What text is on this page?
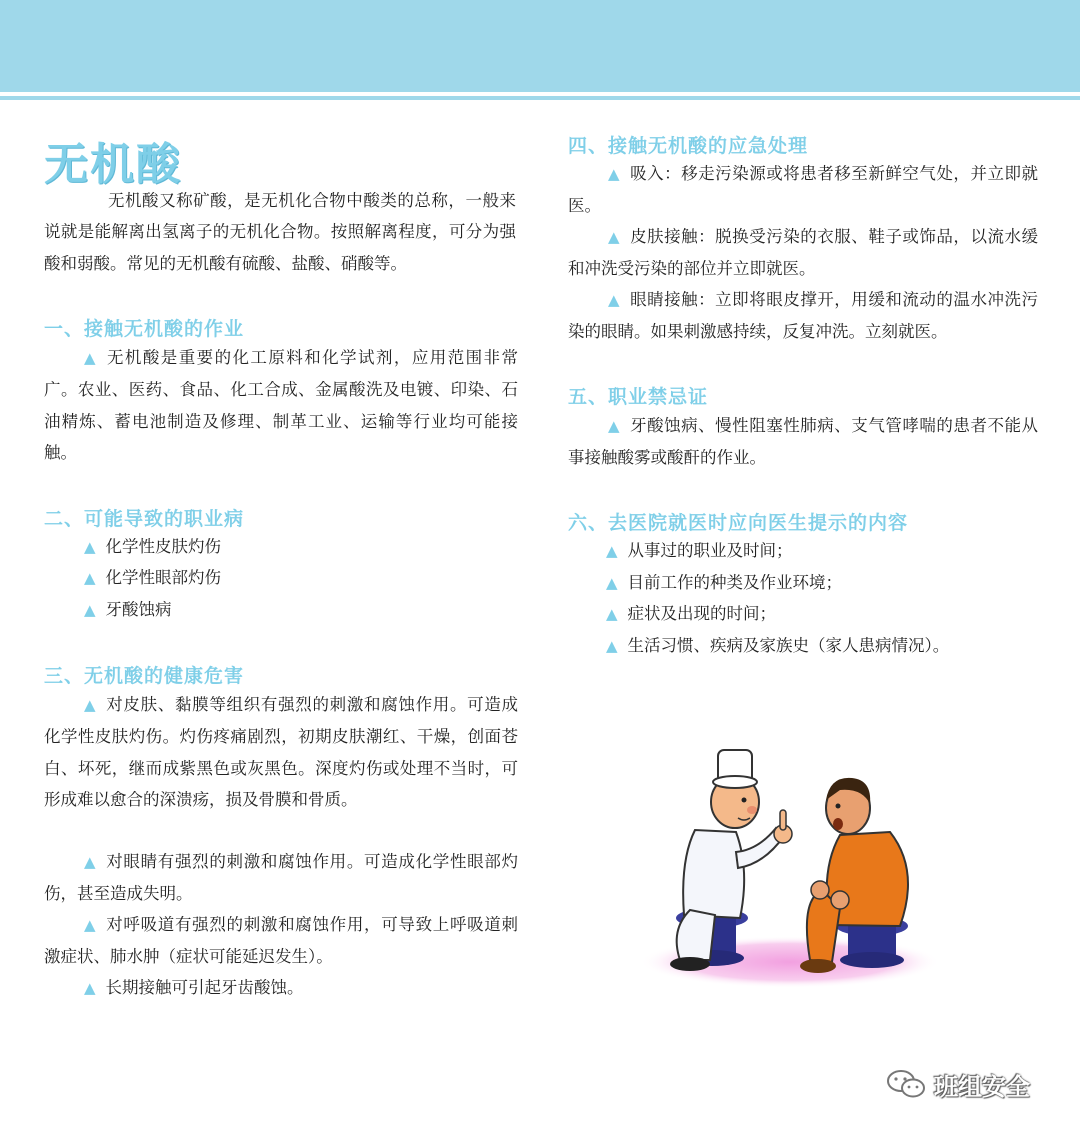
无机酸

无机酸又称矿酸，是无机化合物中酸类的总称，一般来说就是能解离出氢离子的无机化合物。按照解离程度，可分为强酸和弱酸。常见的无机酸有硫酸、盐酸、硝酸等。

一、接触无机酸的作业

▲ 无机酸是重要的化工原料和化学试剂，应用范围非常广。农业、医药、食品、化工合成、金属酸洗及电镀、印染、石油精炼、蓄电池制造及修理、制革工业、运输等行业均可能接触。

二、可能导致的职业病
▲ 化学性皮肤灼伤
▲ 化学性眼部灼伤
▲ 牙酸蚀病
三、无机酸的健康危害

▲ 对皮肤、黏膜等组织有强烈的刺激和腐蚀作用。可造成化学性皮肤灼伤。灼伤疼痛剧烈，初期皮肤潮红、干燥，创面苍白、坏死，继而成紫黑色或灰黑色。深度灼伤或处理不当时，可形成难以愈合的深溃疡，损及骨膜和骨质。

▲ 对眼睛有强烈的刺激和腐蚀作用。可造成化学性眼部灼伤，甚至造成失明。

▲ 对呼吸道有强烈的刺激和腐蚀作用，可导致上呼吸道刺激症状、肺水肿（症状可能延迟发生）。

▲ 长期接触可引起牙齿酸蚀。

四、接触无机酸的应急处理

▲ 吸入：移走污染源或将患者移至新鲜空气处，并立即就医。

▲ 皮肤接触：脱换受污染的衣服、鞋子或饰品，以流水缓和冲洗受污染的部位并立即就医。

▲ 眼睛接触：立即将眼皮撑开，用缓和流动的温水冲洗污染的眼睛。如果刺激感持续，反复冲洗。立刻就医。

五、职业禁忌证

▲ 牙酸蚀病、慢性阻塞性肺病、支气管哮喘的患者不能从事接触酸雾或酸酐的作业。

六、去医院就医时应向医生提示的内容
▲ 从事过的职业及时间；
▲ 目前工作的种类及作业环境；
▲ 症状及出现的时间；
▲ 生活习惯、疾病及家族史（家人患病情况）。
班组安全
